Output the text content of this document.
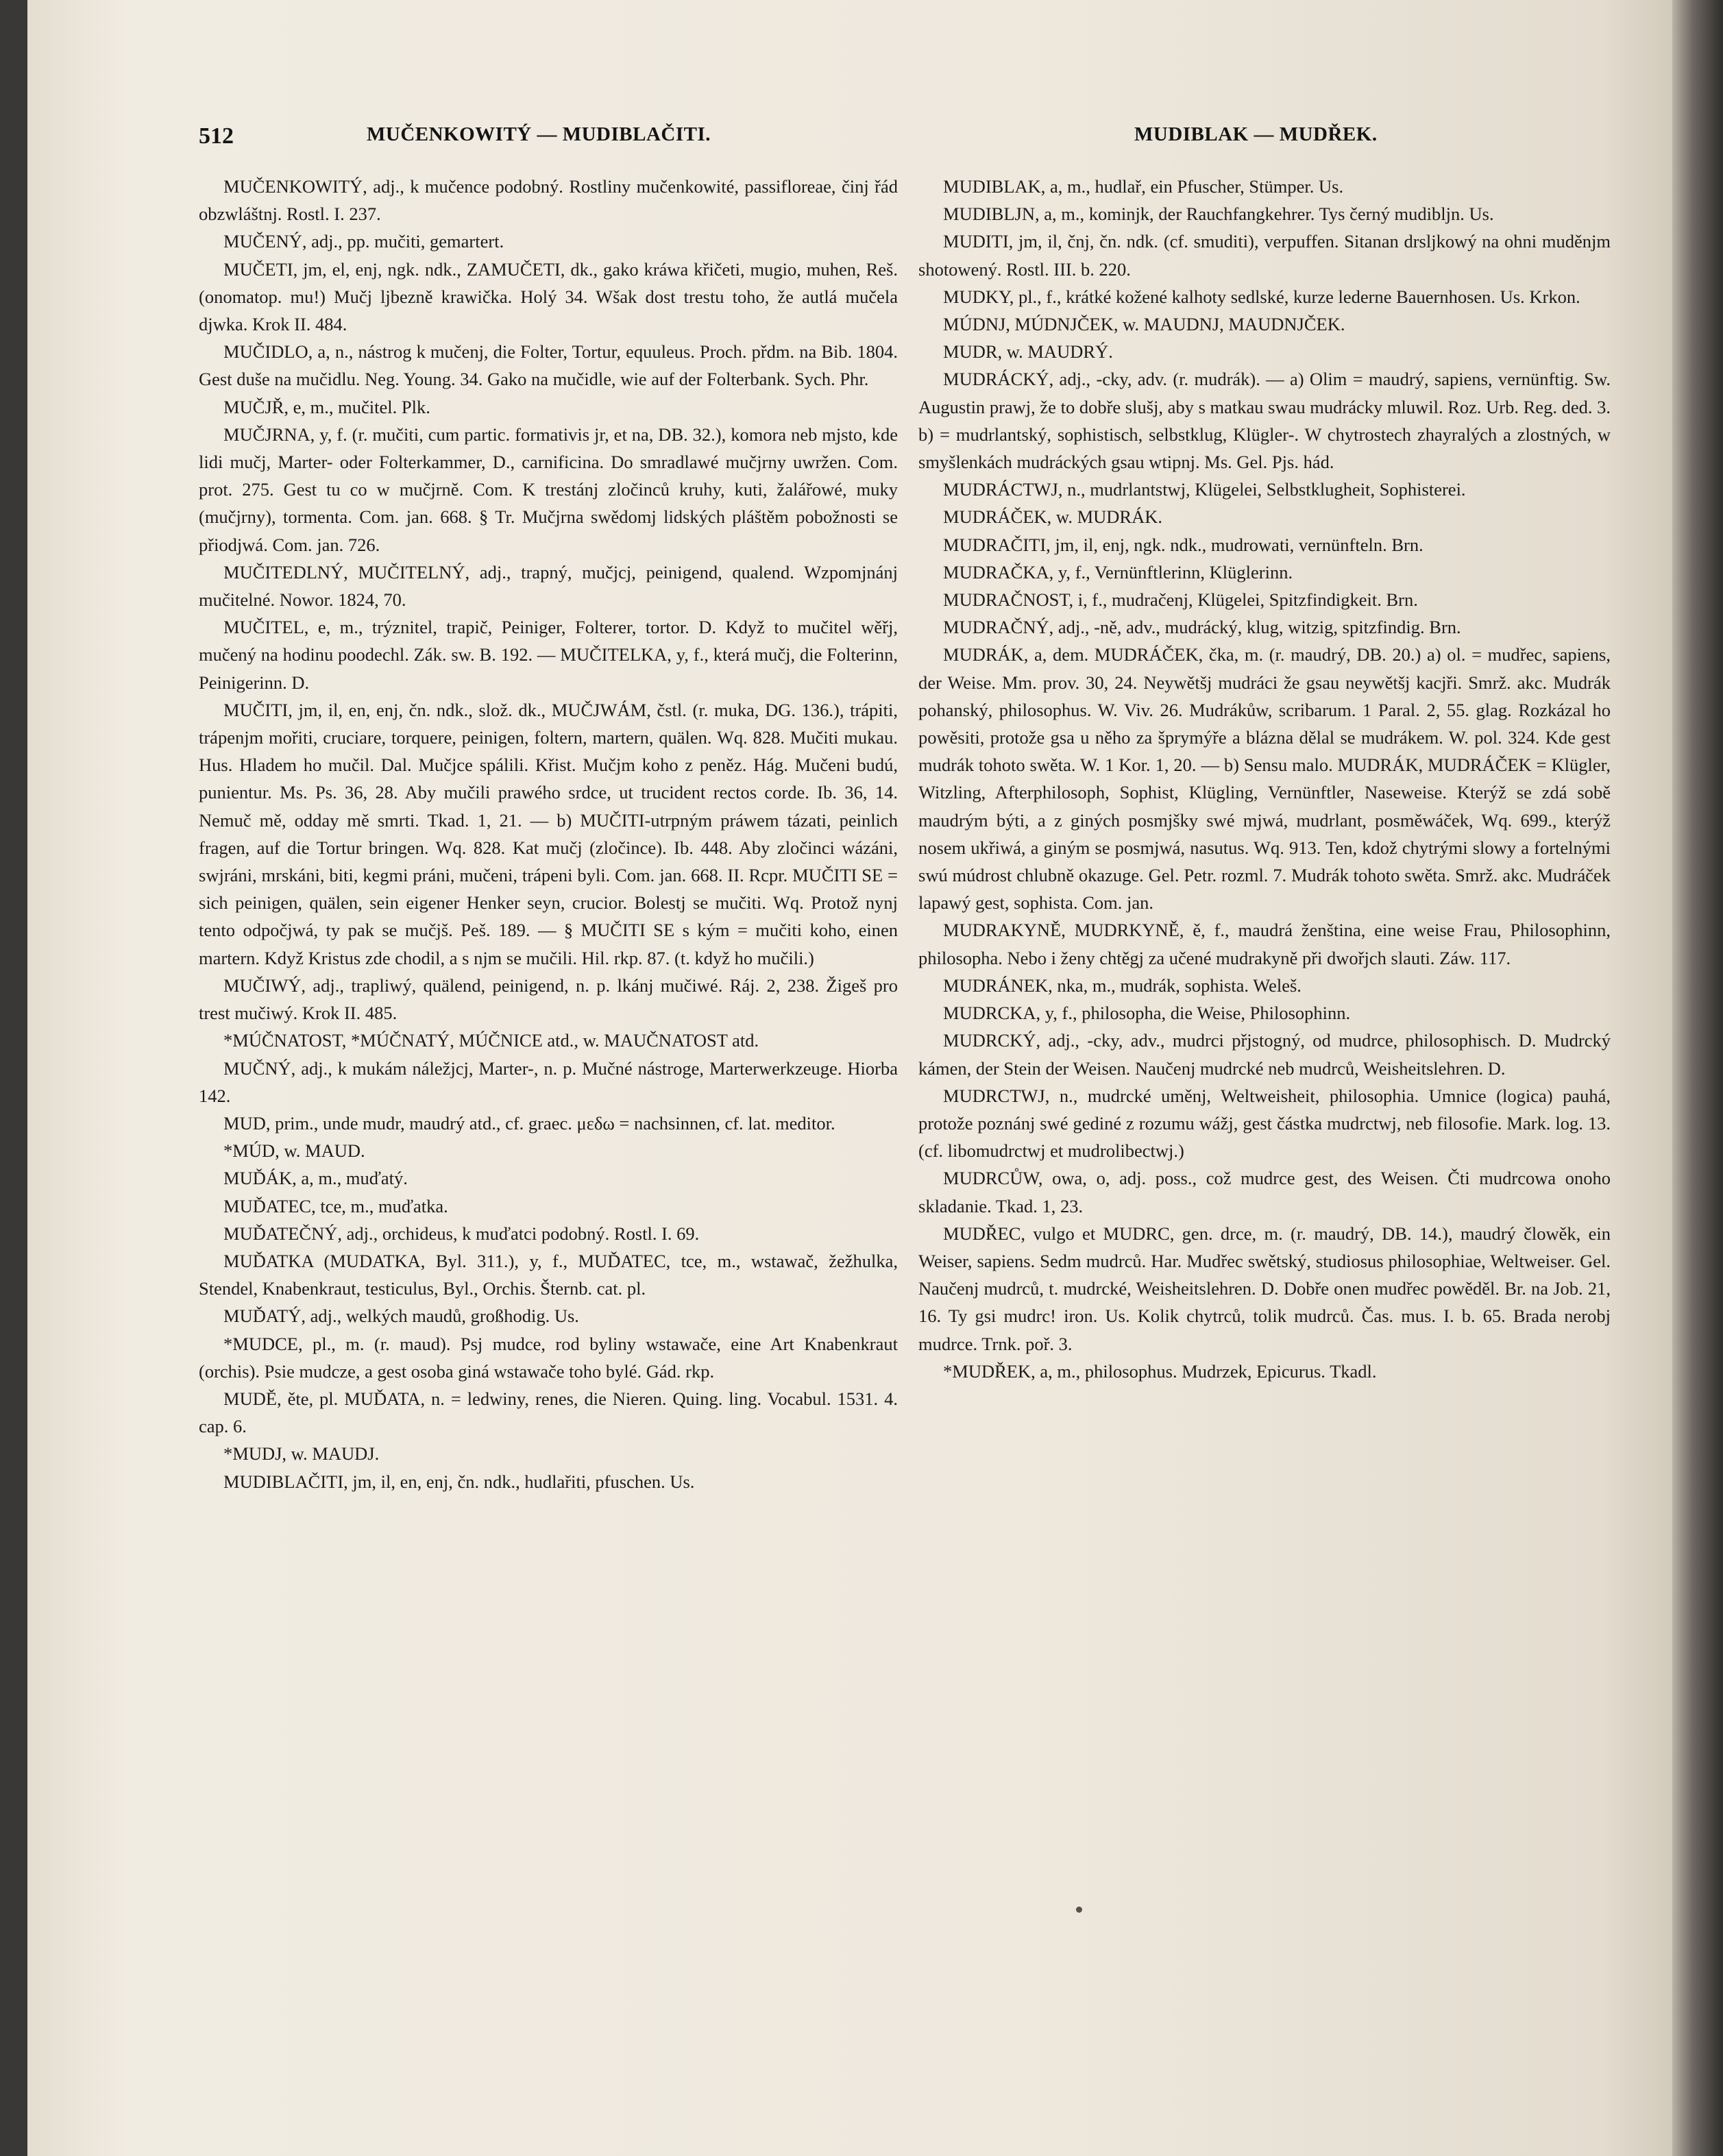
512	MUČENKOWITÝ — MUDIBLAČITI.	MUDIBLAK — MUDŘEK.

MUČENKOWITÝ, adj., k mučence podobný. Rostliny mučenkowité, passifloreae, činj řád obzwláštnj. Rostl. I. 237.

MUČENÝ, adj., pp. mučiti, gemartert.

MUČETI, jm, el, enj, ngk. ndk., ZAMUČETI, dk., gako kráwa křičeti, mugio, muhen, Reš. (onomatop. mu!) Mučj ljbezně krawička. Holý 34. Wšak dost trestu toho, že autlá mučela djwka. Krok II. 484.

MUČIDLO, a, n., nástrog k mučenj, die Folter, Tortur, equuleus. Proch. přdm. na Bib. 1804. Gest duše na mučidlu. Neg. Young. 34. Gako na mučidle, wie auf der Folterbank. Sych. Phr.

MUČJŘ, e, m., mučitel. Plk.

MUČJRNA, y, f. (r. mučiti, cum partic. formativis jr, et na, DB. 32.), komora neb mjsto, kde lidi mučj, Marter- oder Folterkammer, D., carnificina. Do smradlawé mučjrny uwržen. Com. prot. 275. Gest tu co w mučjrně. Com. K trestánj zločinců kruhy, kuti, žalářowé, muky (mučjrny), tormenta. Com. jan. 668. § Tr. Mučjrna swědomj lidských pláštěm pobožnosti se přiodjwá. Com. jan. 726.

MUČITEDLNÝ, MUČITELNÝ, adj., trapný, mučjcj, peinigend, qualend. Wzpomjnánj mučitelné. Nowor. 1824, 70.

MUČITEL, e, m., trýznitel, trapič, Peiniger, Folterer, tortor. D. Když to mučitel wěřj, mučený na hodinu poodechl. Zák. sw. B. 192. — MUČITELKA, y, f., která mučj, die Folterinn, Peinigerinn. D.

MUČITI, jm, il, en, enj, čn. ndk., slož. dk., MUČJWÁM, čstl. (r. muka, DG. 136.), trápiti, trápenjm mořiti, cruciare, torquere, peinigen, foltern, martern, quälen. Wq. 828. Mučiti mukau. Hus. Hladem ho mučil. Dal. Mučjce spálili. Křist. Mučjm koho z peněz. Hág. Mučeni budú, punientur. Ms. Ps. 36, 28. Aby mučili prawého srdce, ut trucident rectos corde. Ib. 36, 14. Nemuč mě, odday mě smrti. Tkad. 1, 21. — b) MUČITI-utrpným práwem tázati, peinlich fragen, auf die Tortur bringen. Wq. 828. Kat mučj (zločince). Ib. 448. Aby zločinci wázáni, swjráni, mrskáni, biti, kegmi práni, mučeni, trápeni byli. Com. jan. 668. II. Rcpr. MUČITI SE = sich peinigen, quälen, sein eigener Henker seyn, crucior. Bolestj se mučiti. Wq. Protož nynj tento odpočjwá, ty pak se mučjš. Peš. 189. — § MUČITI SE s kým = mučiti koho, einen martern. Když Kristus zde chodil, a s njm se mučili. Hil. rkp. 87. (t. když ho mučili.)

MUČIWÝ, adj., trapliwý, quälend, peinigend, n. p. lkánj mučiwé. Ráj. 2, 238. Žigeš pro trest mučiwý. Krok II. 485.

*MÚČNATOST, *MÚČNATÝ, MÚČNICE atd., w. MAUČNATOST atd.

MUČNÝ, adj., k mukám náležjcj, Marter-, n. p. Mučné nástroge, Marterwerkzeuge. Hiorba 142.

MUD, prim., unde mudr, maudrý atd., cf. graec. μεδω = nachsinnen, cf. lat. meditor.

*MÚD, w. MAUD.

MUĎÁK, a, m., muďatý.

MUĎATEC, tce, m., muďatka.

MUĎATEČNÝ, adj., orchideus, k muďatci podobný. Rostl. I. 69.

MUĎATKA (MUDATKA, Byl. 311.), y, f., MUĎATEC, tce, m., wstawač, žežhulka, Stendel, Knabenkraut, testiculus, Byl., Orchis. Šternb. cat. pl.

MUĎATÝ, adj., welkých maudů, großhodig. Us.

*MUDCE, pl., m. (r. maud). Psj mudce, rod byliny wstawače, eine Art Knabenkraut (orchis). Psie mudcze, a gest osoba giná wstawače toho bylé. Gád. rkp.

MUDĚ, ěte, pl. MUĎATA, n. = ledwiny, renes, die Nieren. Quing. ling. Vocabul. 1531. 4. cap. 6.

*MUDJ, w. MAUDJ.

MUDIBLAČITI, jm, il, en, enj, čn. ndk., hudlařiti, pfuschen. Us.

MUDIBLAK, a, m., hudlař, ein Pfuscher, Stümper. Us.

MUDIBLJN, a, m., kominjk, der Rauchfangkehrer. Tys černý mudibljn. Us.

MUDITI, jm, il, čnj, čn. ndk. (cf. smuditi), verpuffen. Sitanan drsljkowý na ohni muděnjm shotowený. Rostl. III. b. 220.

MUDKY, pl., f., krátké kožené kalhoty sedlské, kurze lederne Bauernhosen. Us. Krkon.

MÚDNJ, MÚDNJČEK, w. MAUDNJ, MAUDNJČEK.

MUDR, w. MAUDRÝ.

MUDRÁCKÝ, adj., -cky, adv. (r. mudrák). — a) Olim = maudrý, sapiens, vernünftig. Sw. Augustin prawj, že to dobře slušj, aby s matkau swau mudrácky mluwil. Roz. Urb. Reg. ded. 3. b) = mudrlantský, sophistisch, selbstklug, Klügler-. W chytrostech zhayralých a zlostných, w smyšlenkách mudráckých gsau wtipnj. Ms. Gel. Pjs. hád.

MUDRÁCTWJ, n., mudrlantstwj, Klügelei, Selbstklugheit, Sophisterei.

MUDRÁČEK, w. MUDRÁK.

MUDRAČITI, jm, il, enj, ngk. ndk., mudrowati, vernünfteln. Brn.

MUDRAČKA, y, f., Vernünftlerinn, Klüglerinn.

MUDRAČNOST, i, f., mudračenj, Klügelei, Spitzfindigkeit. Brn.

MUDRAČNÝ, adj., -ně, adv., mudrácký, klug, witzig, spitzfindig. Brn.

MUDRÁK, a, dem. MUDRÁČEK, čka, m. (r. maudrý, DB. 20.) a) ol. = mudřec, sapiens, der Weise. Mm. prov. 30, 24. Neywětšj mudráci že gsau neywětšj kacjři. Smrž. akc. Mudrák pohanský, philosophus. W. Viv. 26. Mudrákůw, scribarum. 1 Paral. 2, 55. glag. Rozkázal ho powěsiti, protože gsa u něho za šprymýře a blázna dělal se mudrákem. W. pol. 324. Kde gest mudrák tohoto swěta. W. 1 Kor. 1, 20. — b) Sensu malo. MUDRÁK, MUDRÁČEK = Klügler, Witzling, Afterphilosoph, Sophist, Klügling, Vernünftler, Naseweise. Kterýž se zdá sobě maudrým býti, a z giných posmjšky swé mjwá, mudrlant, posměwáček, Wq. 699., kterýž nosem ukřiwá, a giným se posmjwá, nasutus. Wq. 913. Ten, kdož chytrými slowy a fortelnými swú múdrost chlubně okazuge. Gel. Petr. rozml. 7. Mudrák tohoto swěta. Smrž. akc. Mudráček lapawý gest, sophista. Com. jan.

MUDRAKYNĚ, MUDRKYNĚ, ě, f., maudrá ženština, eine weise Frau, Philosophinn, philosopha. Nebo i ženy chtěgj za učené mudrakyně při dwořjch slauti. Záw. 117.

MUDRÁNEK, nka, m., mudrák, sophista. Weleš.

MUDRCKA, y, f., philosopha, die Weise, Philosophinn.

MUDRCKÝ, adj., -cky, adv., mudrci přjstogný, od mudrce, philosophisch. D. Mudrcký kámen, der Stein der Weisen. Naučenj mudrcké neb mudrců, Weisheitslehren. D.

MUDRCTWJ, n., mudrcké uměnj, Weltweisheit, philosophia. Umnice (logica) pauhá, protože poznánj swé gediné z rozumu wážj, gest částka mudrctwj, neb filosofie. Mark. log. 13. (cf. libomudrctwj et mudrolibectwj.)

MUDRCŮW, owa, o, adj. poss., což mudrce gest, des Weisen. Čti mudrcowa onoho skladanie. Tkad. 1, 23.

MUDŘEC, vulgo et MUDRC, gen. drce, m. (r. maudrý, DB. 14.), maudrý člowěk, ein Weiser, sapiens. Sedm mudrců. Har. Mudřec swětský, studiosus philosophiae, Weltweiser. Gel. Naučenj mudrců, t. mudrcké, Weisheitslehren. D. Dobře onen mudřec powěděl. Br. na Job. 21, 16. Ty gsi mudrc! iron. Us. Kolik chytrců, tolik mudrců. Čas. mus. I. b. 65. Brada nerobj mudrce. Trnk. poř. 3.

*MUDŘEK, a, m., philosophus. Mudrzek, Epicurus. Tkadl.
